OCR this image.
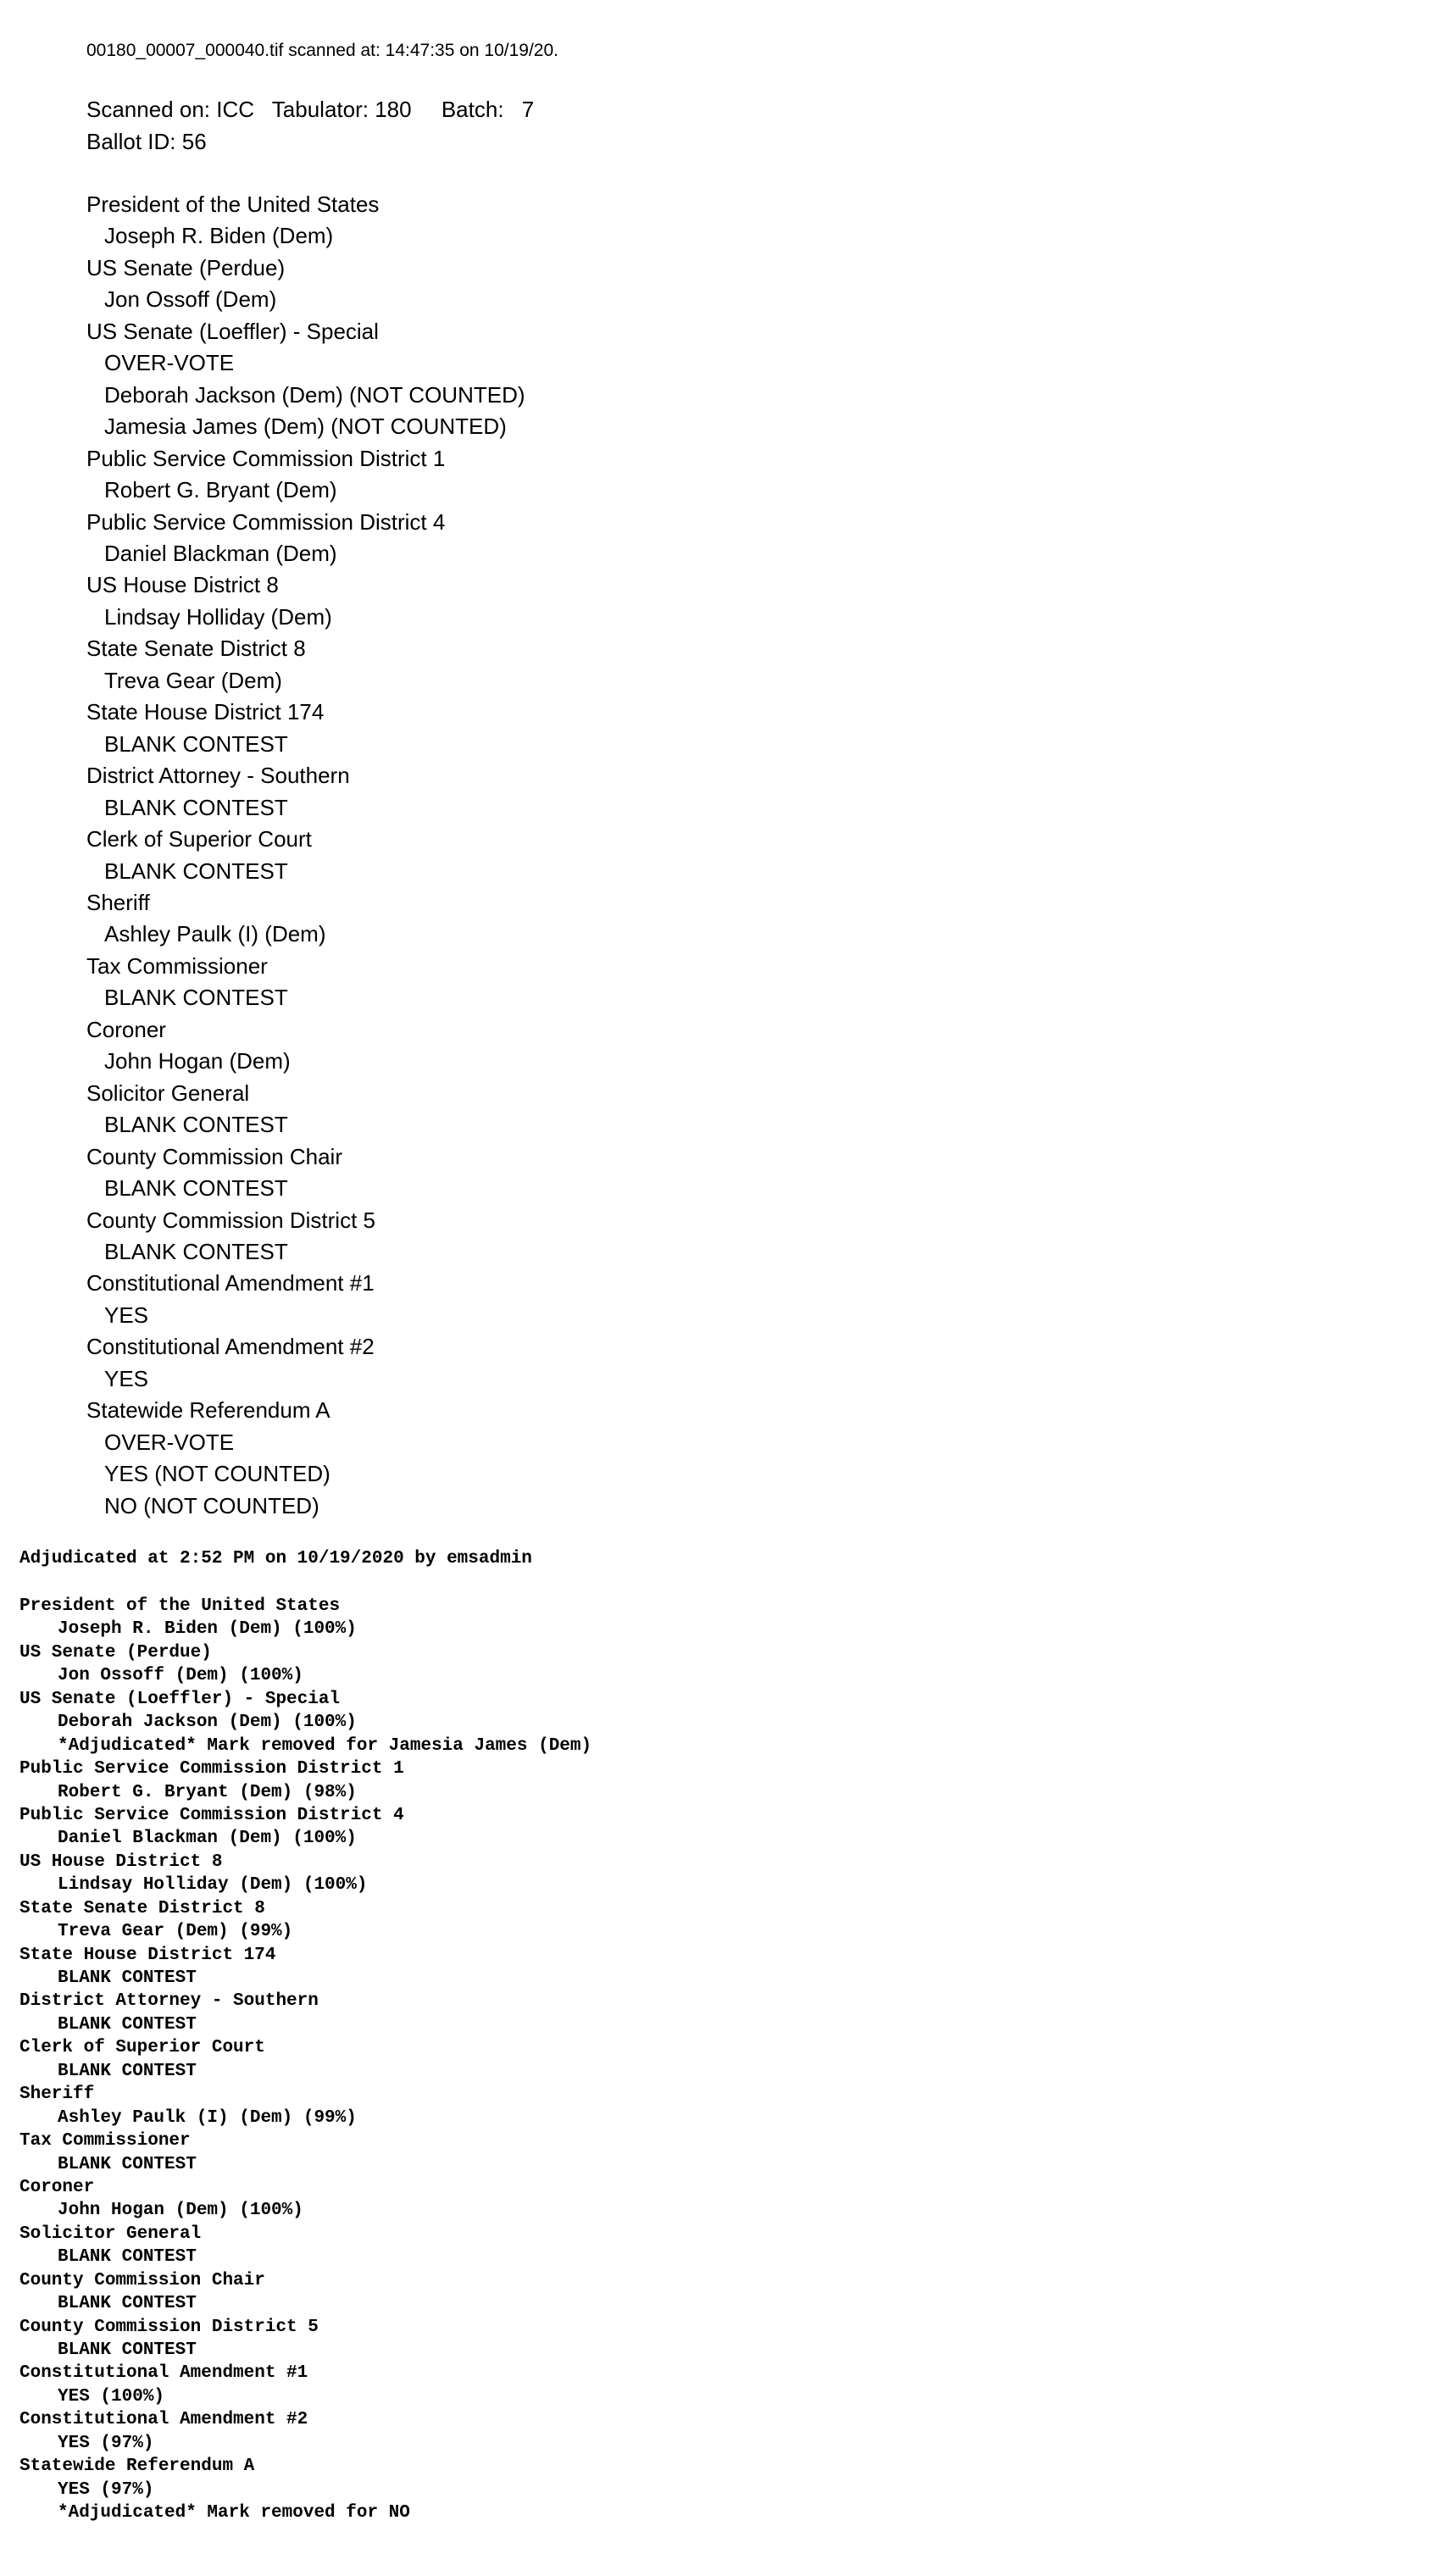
00180_00007_000040.tif scanned at: 14:47:35 on 10/19/20.
Scanned on: ICC Tabulator: 180 Batch: 7
Ballot ID: 56
President of the United States
Joseph R. Biden (Dem)
US Senate (Perdue)
Jon Ossoff (Dem)
US Senate (Loeffler) - Special
OVER-VOTE
Deborah Jackson (Dem) (NOT COUNTED)
Jamesia James (Dem) (NOT COUNTED)
Public Service Commission District 1
Robert G. Bryant (Dem)
Public Service Commission District 4
Daniel Blackman (Dem)
US House District 8
Lindsay Holliday (Dem)
State Senate District 8
Treva Gear (Dem)
State House District 174
BLANK CONTEST
District Attorney - Southern
BLANK CONTEST
Clerk of Superior Court
BLANK CONTEST
Sheriff
Ashley Paulk (I) (Dem)
Tax Commissioner
BLANK CONTEST
Coroner
John Hogan (Dem)
Solicitor General
BLANK CONTEST
County Commission Chair
BLANK CONTEST
County Commission District 5
BLANK CONTEST
Constitutional Amendment #1
YES
Constitutional Amendment #2
YES
Statewide Referendum A
OVER-VOTE
YES (NOT COUNTED)
NO (NOT COUNTED)
Adjudicated at 2:52 PM on 10/19/2020 by emsadmin
President of the United States
Joseph R. Biden (Dem) (100%)
US Senate (Perdue)
Jon Ossoff (Dem) (100%)
US Senate (Loeffler) - Special
Deborah Jackson (Dem) (100%)
*Adjudicated* Mark removed for Jamesia James (Dem)
Public Service Commission District 1
Robert G. Bryant (Dem) (98%)
Public Service Commission District 4
Daniel Blackman (Dem) (100%)
US House District 8
Lindsay Holliday (Dem) (100%)
State Senate District 8
Treva Gear (Dem) (99%)
State House District 174
BLANK CONTEST
District Attorney - Southern
BLANK CONTEST
Clerk of Superior Court
BLANK CONTEST
Sheriff
Ashley Paulk (I) (Dem) (99%)
Tax Commissioner
BLANK CONTEST
Coroner
John Hogan (Dem) (100%)
Solicitor General
BLANK CONTEST
County Commission Chair
BLANK CONTEST
County Commission District 5
BLANK CONTEST
Constitutional Amendment #1
YES (100%)
Constitutional Amendment #2
YES (97%)
Statewide Referendum A
YES (97%)
*Adjudicated* Mark removed for NO
